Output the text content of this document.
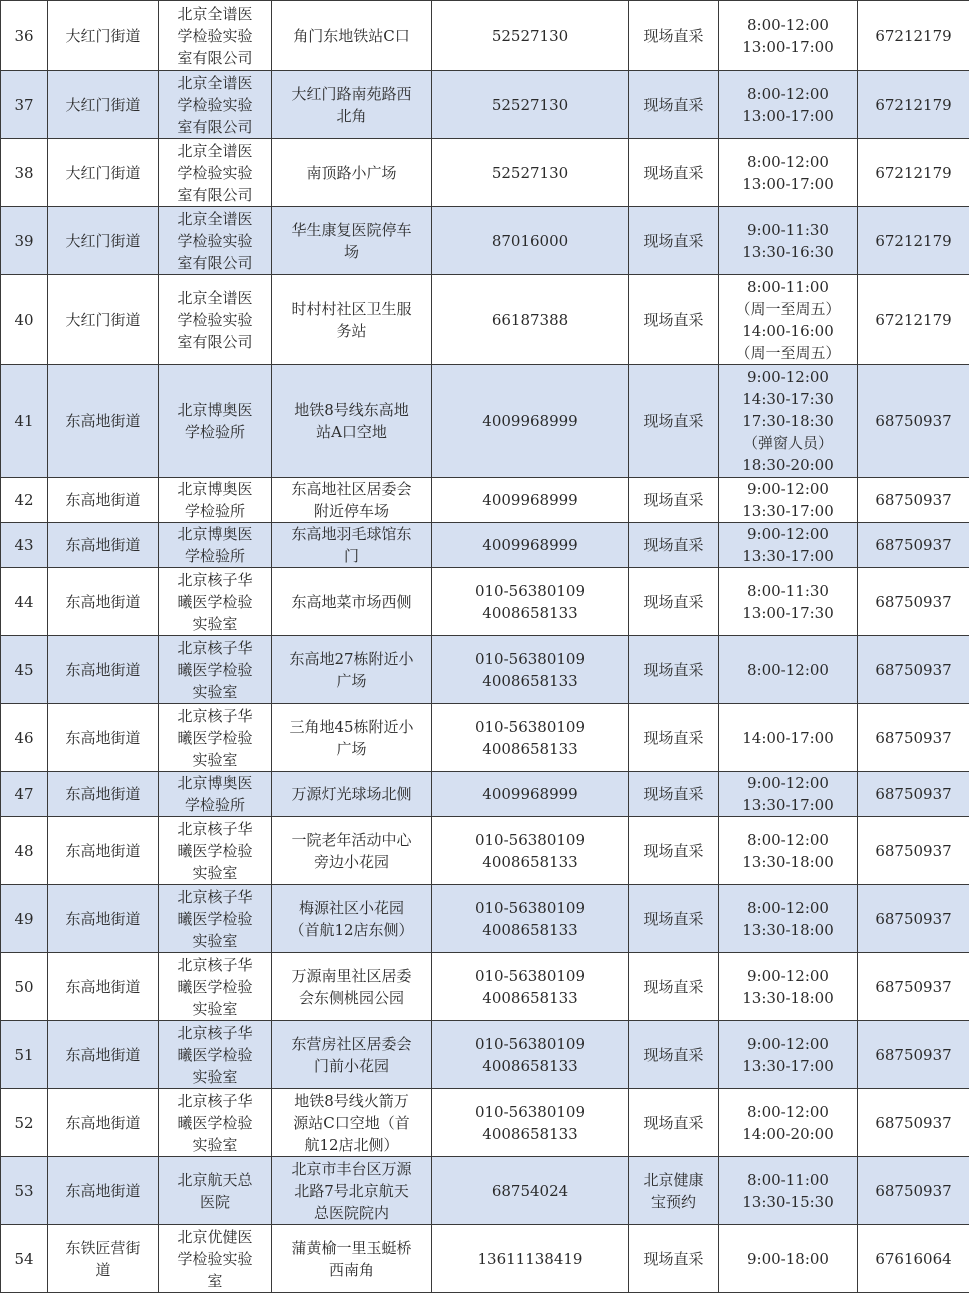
36	大红门街道	北京全谱医
学检验实验
室有限公司	角门东地铁站C口	52527130	现场直采	8:00-12:00
13:00-17:00	67212179
37	大红门街道	北京全谱医
学检验实验
室有限公司	大红门路南苑路西
北角	52527130	现场直采	8:00-12:00
13:00-17:00	67212179
38	大红门街道	北京全谱医
学检验实验
室有限公司	南顶路小广场	52527130	现场直采	8:00-12:00
13:00-17:00	67212179
39	大红门街道	北京全谱医
学检验实验
室有限公司	华生康复医院停车
场	87016000	现场直采	9:00-11:30
13:30-16:30	67212179
40	大红门街道	北京全谱医
学检验实验
室有限公司	时村村社区卫生服
务站	66187388	现场直采	8:00-11:00
（周一至周五）
14:00-16:00
（周一至周五）	67212179
41	东高地街道	北京博奥医
学检验所	地铁8号线东高地
站A口空地	4009968999	现场直采	9:00-12:00
14:30-17:30
17:30-18:30
（弹窗人员）
18:30-20:00	68750937
42	东高地街道	北京博奥医
学检验所	东高地社区居委会
附近停车场	4009968999	现场直采	9:00-12:00
13:30-17:00	68750937
43	东高地街道	北京博奥医
学检验所	东高地羽毛球馆东
门	4009968999	现场直采	9:00-12:00
13:30-17:00	68750937
44	东高地街道	北京核子华
曦医学检验
实验室	东高地菜市场西侧	010-56380109
4008658133	现场直采	8:00-11:30
13:00-17:30	68750937
45	东高地街道	北京核子华
曦医学检验
实验室	东高地27栋附近小
广场	010-56380109
4008658133	现场直采	8:00-12:00	68750937
46	东高地街道	北京核子华
曦医学检验
实验室	三角地45栋附近小
广场	010-56380109
4008658133	现场直采	14:00-17:00	68750937
47	东高地街道	北京博奥医
学检验所	万源灯光球场北侧	4009968999	现场直采	9:00-12:00
13:30-17:00	68750937
48	东高地街道	北京核子华
曦医学检验
实验室	一院老年活动中心
旁边小花园	010-56380109
4008658133	现场直采	8:00-12:00
13:30-18:00	68750937
49	东高地街道	北京核子华
曦医学检验
实验室	梅源社区小花园
（首航12店东侧）	010-56380109
4008658133	现场直采	8:00-12:00
13:30-18:00	68750937
50	东高地街道	北京核子华
曦医学检验
实验室	万源南里社区居委
会东侧桃园公园	010-56380109
4008658133	现场直采	9:00-12:00
13:30-18:00	68750937
51	东高地街道	北京核子华
曦医学检验
实验室	东营房社区居委会
门前小花园	010-56380109
4008658133	现场直采	9:00-12:00
13:30-17:00	68750937
52	东高地街道	北京核子华
曦医学检验
实验室	地铁8号线火箭万
源站C口空地（首
航12店北侧）	010-56380109
4008658133	现场直采	8:00-12:00
14:00-20:00	68750937
53	东高地街道	北京航天总
医院	北京市丰台区万源
北路7号北京航天
总医院院内	68754024	北京健康
宝预约	8:00-11:00
13:30-15:30	68750937
54	东铁匠营街
道	北京优健医
学检验实验
室	蒲黄榆一里玉蜓桥
西南角	13611138419	现场直采	9:00-18:00	67616064
